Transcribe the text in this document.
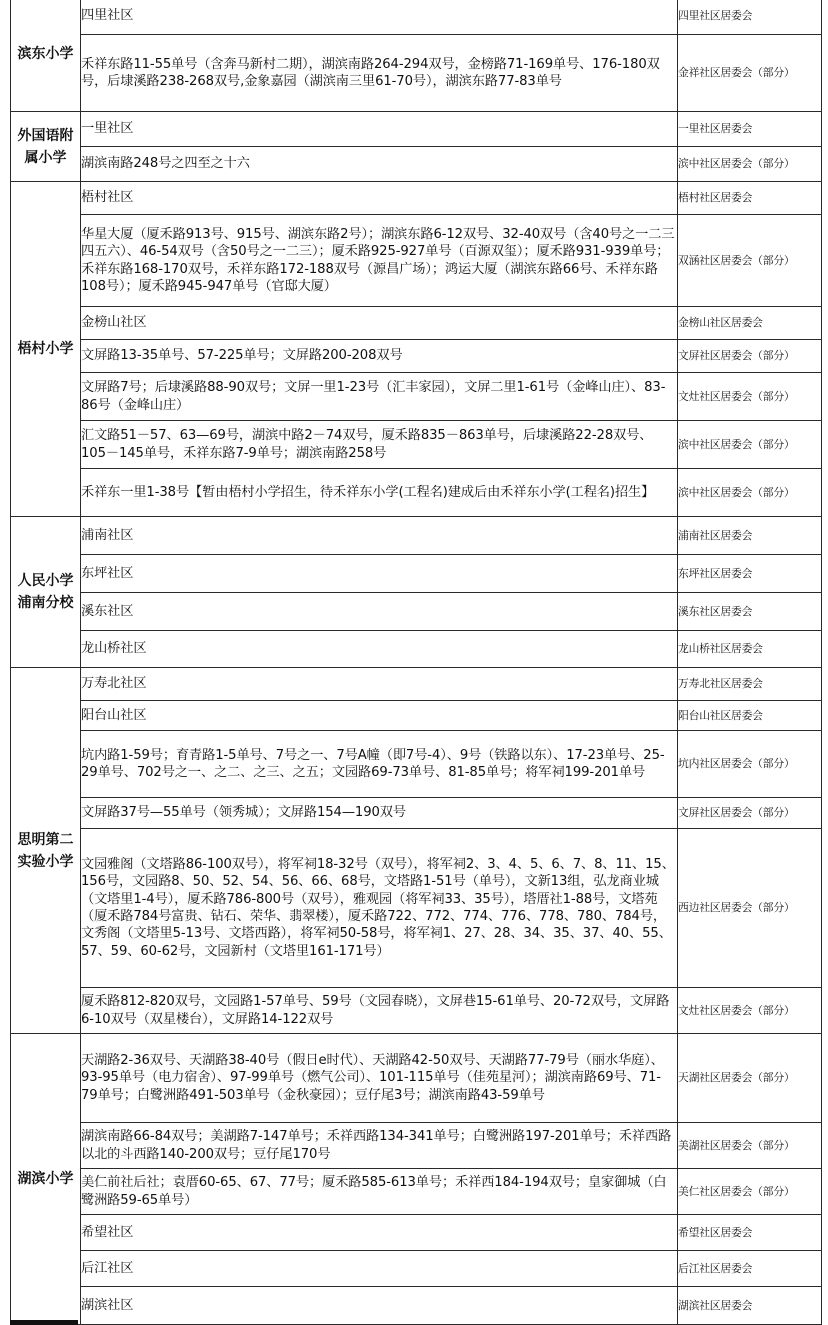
滨东小学	四里社区	四里社区居委会
	禾祥东路11-55单号（含奔马新村二期），湖滨南路264-294双号，金榜路71-169单号、176-180双号，后埭溪路238-268双号,金象嘉园（湖滨南三里61-70号），湖滨东路77-83单号	金祥社区居委会（部分）
外国语附属小学	一里社区	一里社区居委会
	湖滨南路248号之四至之十六	滨中社区居委会（部分）
梧村小学	梧村社区	梧村社区居委会
	华星大厦（厦禾路913号、915号、湖滨东路2号）；湖滨东路6-12双号、32-40双号（含40号之一二三四五六）、46-54双号（含50号之一二三）；厦禾路925-927单号（百源双玺）；厦禾路931-939单号；禾祥东路168-170双号，禾祥东路172-188双号（源昌广场）；鸿运大厦（湖滨东路66号、禾祥东路108号）；厦禾路945-947单号（官邸大厦）	双涵社区居委会（部分）
	金榜山社区	金榜山社区居委会
	文屏路13-35单号、57-225单号；文屏路200-208双号	文屏社区居委会（部分）
	文屏路7号；后埭溪路88-90双号；文屏一里1-23号（汇丰家园），文屏二里1-61号（金峰山庄）、83-86号（金峰山庄）	文灶社区居委会（部分）
	汇文路51－57、63—69号，湖滨中路2－74双号，厦禾路835－863单号，后埭溪路22-28双号、105－145单号，禾祥东路7-9单号；湖滨南路258号	滨中社区居委会（部分）
	禾祥东一里1-38号【暂由梧村小学招生，待禾祥东小学(工程名)建成后由禾祥东小学(工程名)招生】	滨中社区居委会（部分）
人民小学浦南分校	浦南社区	浦南社区居委会
	东坪社区	东坪社区居委会
	溪东社区	溪东社区居委会
	龙山桥社区	龙山桥社区居委会
思明第二实验小学	万寿北社区	万寿北社区居委会
	阳台山社区	阳台山社区居委会
	坑内路1-59号；育青路1-5单号、7号之一、7号A幢（即7号-4）、9号（铁路以东）、17-23单号、25-29单号、702号之一、之二、之三、之五；文园路69-73单号、81-85单号；将军祠199-201单号	坑内社区居委会（部分）
	文屏路37号—55单号（领秀城）；文屏路154—190双号	文屏社区居委会（部分）
	文园雅阁（文塔路86-100双号），将军祠18-32号（双号），将军祠2、3、4、5、6、7、8、11、15、156号，文园路8、50、52、54、56、66、68号，文塔路1-51号（单号），文新13组，弘龙商业城（文塔里1-4号），厦禾路786-800号（双号），雅观园（将军祠33、35号），塔厝社1-88号，文塔苑（厦禾路784号富贵、钻石、荣华、翡翠楼），厦禾路722、772、774、776、778、780、784号，文秀阁（文塔里5-13号、文塔西路），将军祠50-58号，将军祠1、27、28、34、35、37、40、55、57、59、60-62号，文园新村（文塔里161-171号）	西边社区居委会（部分）
	厦禾路812-820双号，文园路1-57单号、59号（文园春晓），文屏巷15-61单号、20-72双号，文屏路6-10双号（双星楼台），文屏路14-122双号	文灶社区居委会（部分）
湖滨小学	天湖路2-36双号、天湖路38-40号（假日e时代）、天湖路42-50双号、天湖路77-79号（丽水华庭）、93-95单号（电力宿舍）、97-99单号（燃气公司）、101-115单号（佳苑星河）；湖滨南路69号、71-79单号；白鹭洲路491-503单号（金秋豪园）；豆仔尾3号；湖滨南路43-59单号	天湖社区居委会（部分）
	湖滨南路66-84双号；美湖路7-147单号；禾祥西路134-341单号；白鹭洲路197-201单号；禾祥西路以北的斗西路140-200双号；豆仔尾170号	美湖社区居委会（部分）
	美仁前社后社；袁厝60-65、67、77号；厦禾路585-613单号；禾祥西184-194双号；皇家御城（白鹭洲路59-65单号）	美仁社区居委会（部分）
	希望社区	希望社区居委会
	后江社区	后江社区居委会
	湖滨社区	湖滨社区居委会
